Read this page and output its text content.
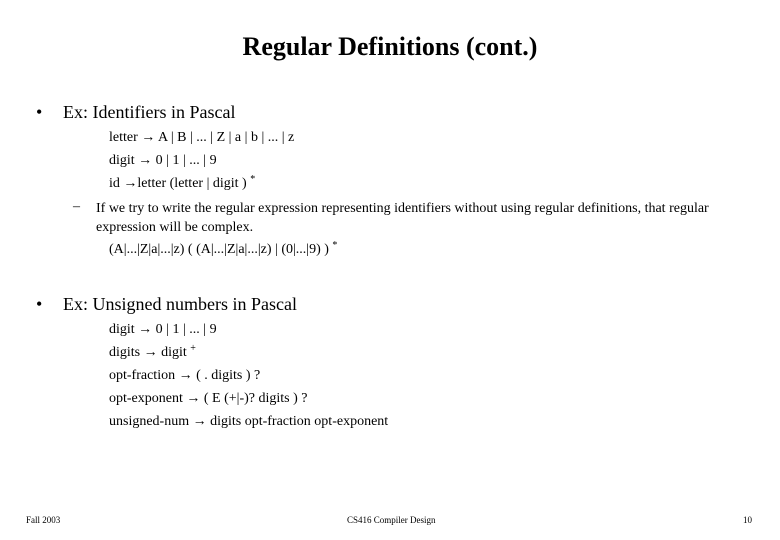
Regular Definitions (cont.)
• Ex: Identifiers in Pascal
letter → A | B | ... | Z | a | b | ... | z
digit → 0 | 1 | ... | 9
id →letter (letter | digit ) *
– If we try to write the regular expression representing identifiers without using regular definitions, that regular expression will be complex.
(A|...|Z|a|...|z) ( (A|...|Z|a|...|z) | (0|...|9) ) *
• Ex: Unsigned numbers in Pascal
digit → 0 | 1 | ... | 9
digits → digit +
opt-fraction → ( . digits ) ?
opt-exponent → ( E (+|-)? digits ) ?
unsigned-num → digits opt-fraction opt-exponent
Fall 2003	CS416 Compiler Design	10
